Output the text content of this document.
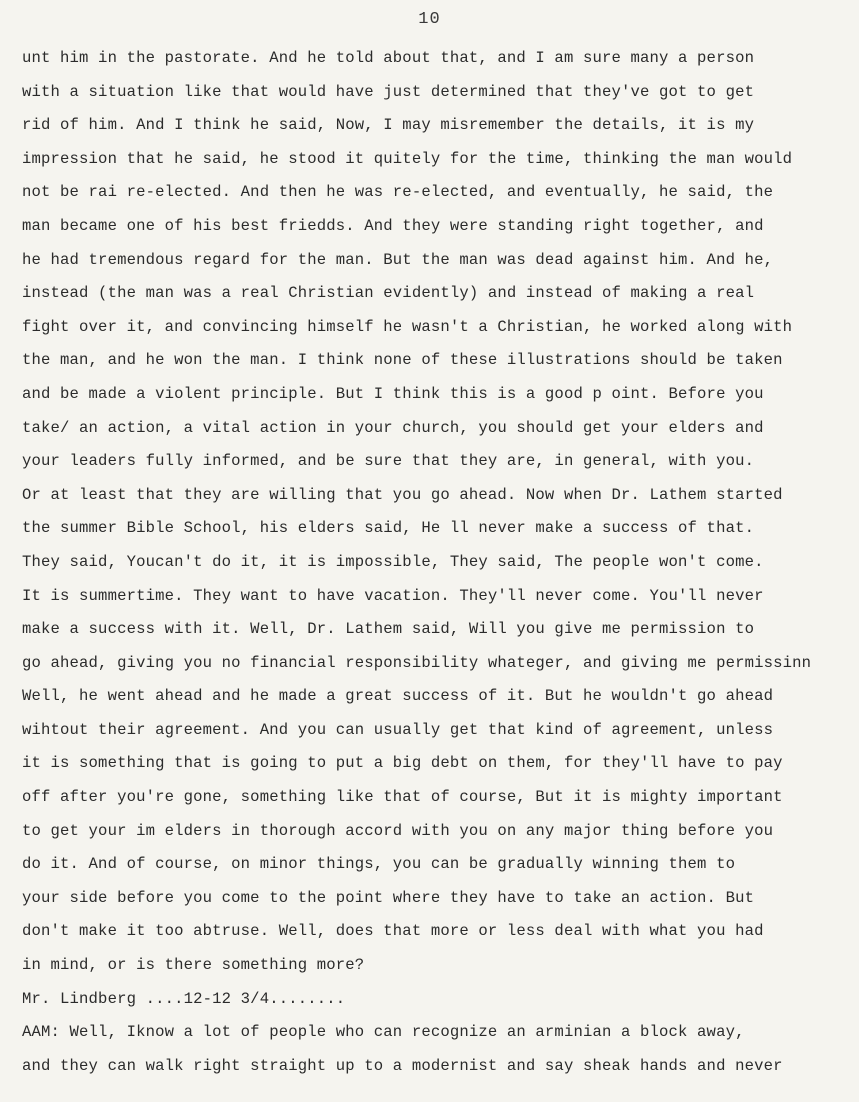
10
unt him in the pastorate. And he told about that, and I am sure many a person
with a situation like that would have just determined that they've got to get
rid of him. And I think he said, Now, I may misremember the details, it is my
impression that he said, he stood it quitely for the time, thinking the man would
not be rai re-elected. And then he was re-elected, and eventually, he said, the
man became one of his best friedds. And they were standing right together, and
he had tremendous regard for the man. But the man was dead against him. And he,
instead (the man was a real Christian evidently) and instead of making a real
fight over it, and convincing himself he wasn't a Christian, he worked along with
the man, and he won the man. I think none of these illustrations should be taken
and be made a violent principle. But I think this is a good p oint. Before you
take/ an action, a vital action in your church, you should get your elders and
your leaders fully informed, and be sure that they are, in general, with you.
Or at least that they are willing that you go ahead. Now when Dr. Lathem started
the summer Bible School, his elders said, He ll never make a success of that.
They said, Youcan't do it, it is impossible, They said, The people won't come.
It is summertime. They want to have vacation. They'll never come. You'll never
make a success with it. Well, Dr. Lathem said, Will you give me permission to
go ahead, giving you no financial responsibility whateger, and giving me permissinn
Well, he went ahead and he made a great success of it. But he wouldn't go ahead
wihtout their agreement. And you can usually get that kind of agreement, unless
it is something that is going to put a big debt on them, for they'll have to pay
off after you're gone, something like that of course, But it is mighty important
to get your im elders in thorough accord with you on any major thing before you
do it. And of course, on minor things, you can be gradually winning them to
your side before you come to the point where they have to take an action. But
don't make it too abtruse. Well, does that more or less deal with what you had
in mind, or is there something more?
Mr. Lindberg ....12-12 3/4........
AAM: Well, Iknow a lot of people who can recognize an arminian a block away,
and they can walk right straight up to a modernist and say sheak hands and never
